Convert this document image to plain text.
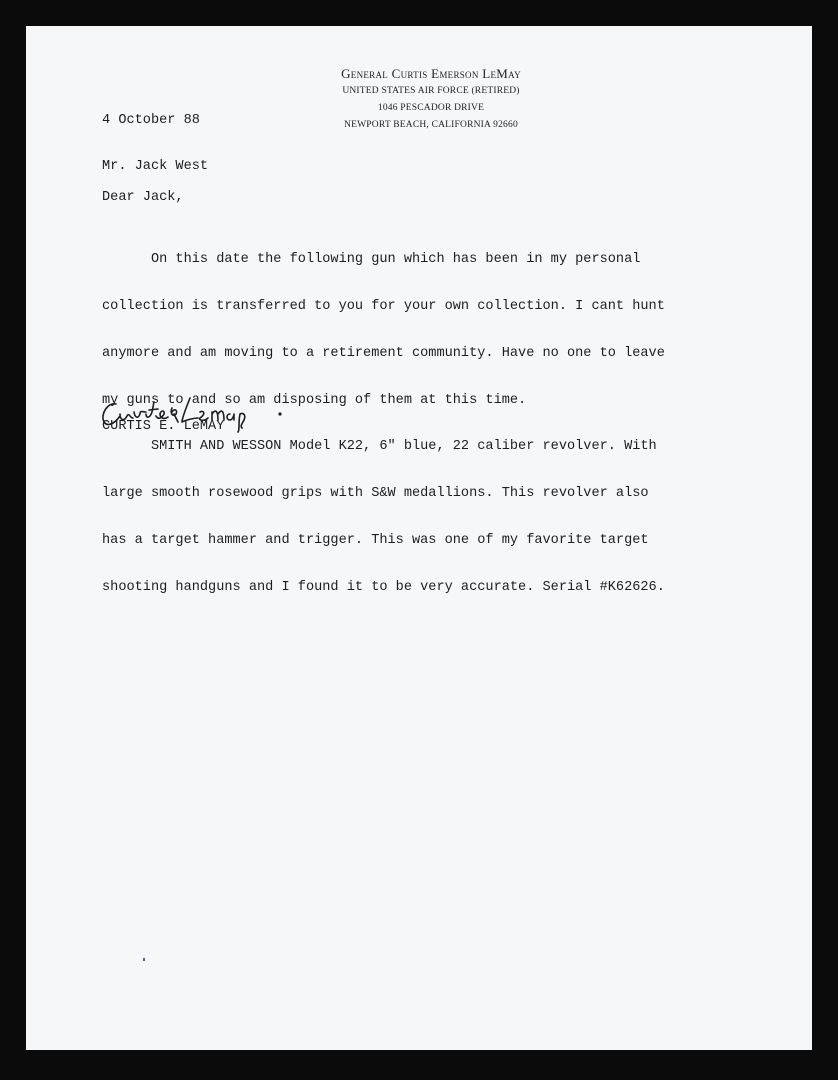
General Curtis Emerson LeMay
UNITED STATES AIR FORCE (RETIRED)
1046 PESCADOR DRIVE
NEWPORT BEACH, CALIFORNIA 92660
4 October 88
Mr. Jack West
Dear Jack,

On this date the following gun which has been in my personal

collection is transferred to you for your own collection. I cant hunt

anymore and am moving to a retirement community. Have no one to leave

my guns to and so am disposing of them at this time.

SMITH AND WESSON Model K22, 6" blue, 22 caliber revolver. With

large smooth rosewood grips with S&W medallions. This revolver also

has a target hammer and trigger. This was one of my favorite target

shooting handguns and I found it to be very accurate. Serial #K62626.

CURTIS E. LeMAY
